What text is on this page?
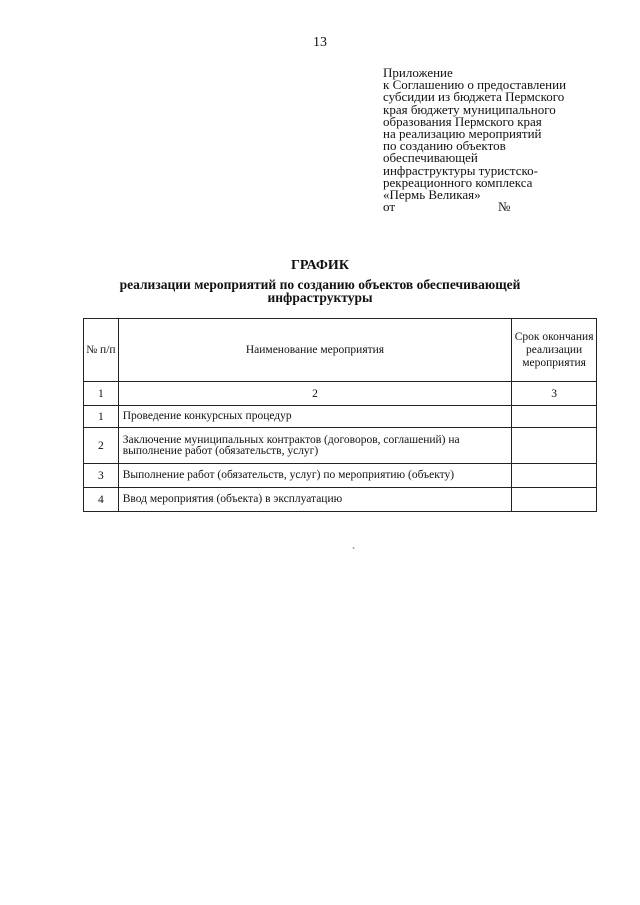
13
Приложение
к Соглашению о предоставлении
субсидии из бюджета Пермского
края бюджету муниципального
образования Пермского края
на реализацию мероприятий
по созданию объектов
обеспечивающей
инфраструктуры туристско-
рекреационного комплекса
«Пермь Великая»
от	№
ГРАФИК
реализации мероприятий по созданию объектов обеспечивающей инфраструктуры
№ п/п	Наименование мероприятия	Срок окончания реализации мероприятия
1	2	3
1	Проведение конкурсных процедур	
2	Заключение муниципальных контрактов (договоров, соглашений) на выполнение работ (обязательств, услуг)	
3	Выполнение работ (обязательств, услуг) по мероприятию (объекту)	
4	Ввод мероприятия (объекта) в эксплуатацию	
`
